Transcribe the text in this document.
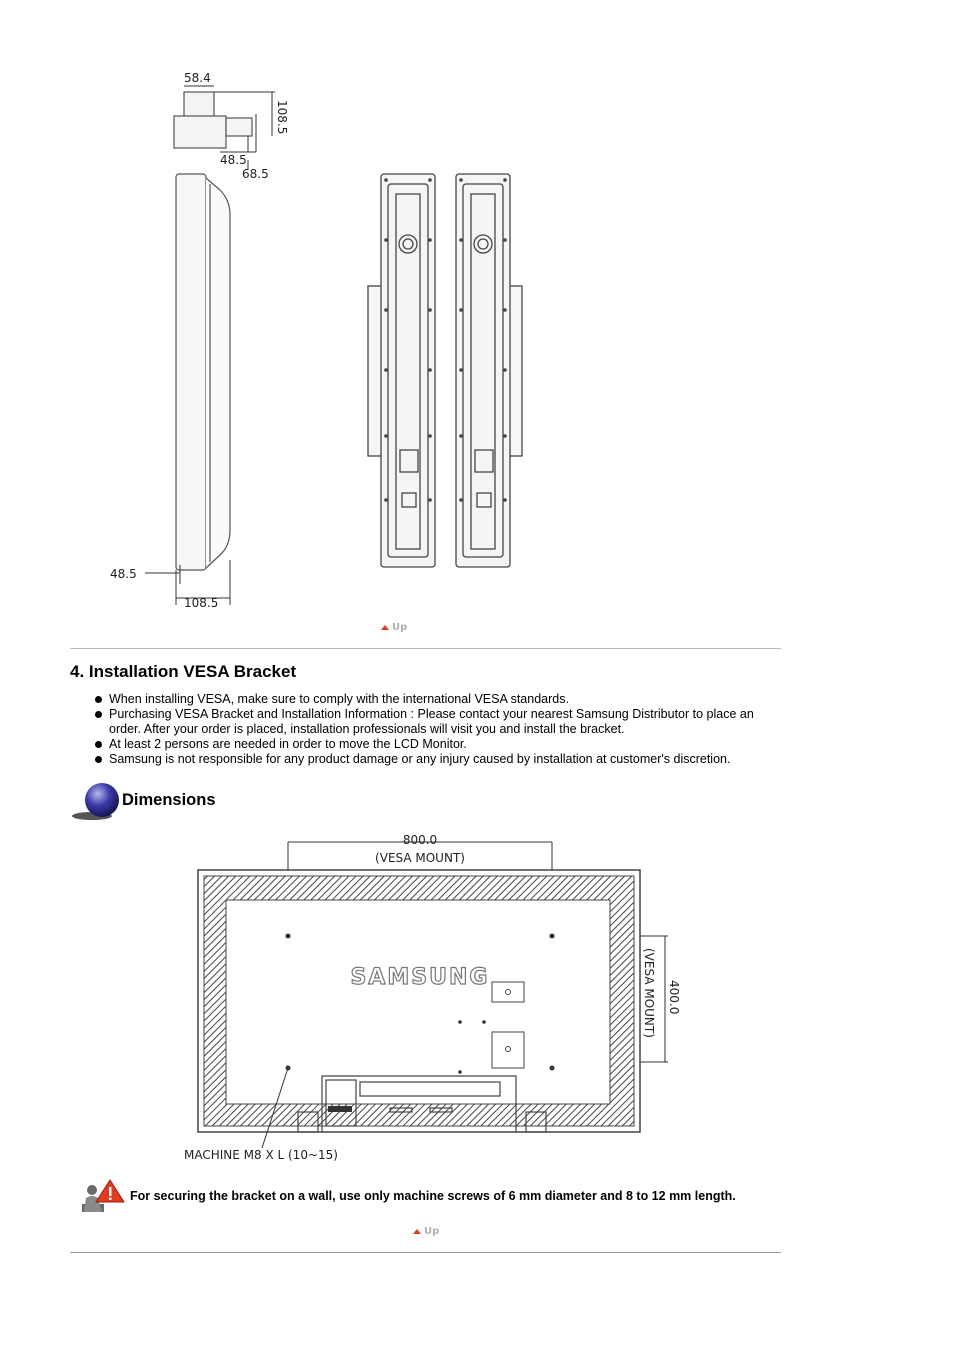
58.4
108.5
48.5
68.5
48.5
108.5
Up
4. Installation VESA Bracket
When installing VESA, make sure to comply with the international VESA standards.
Purchasing VESA Bracket and Installation Information : Please contact your nearest Samsung Distributor to place an order. After your order is placed, installation professionals will visit you and install the bracket.
At least 2 persons are needed in order to move the LCD Monitor.
Samsung is not responsible for any product damage or any injury caused by installation at customer's discretion.
Dimensions
800.0
(VESA MOUNT)
400.0
(VESA MOUNT)
SAMSUNG
MACHINE M8 X L (10~15)
For securing the bracket on a wall, use only machine screws of 6 mm diameter and 8 to 12 mm length.
Up
